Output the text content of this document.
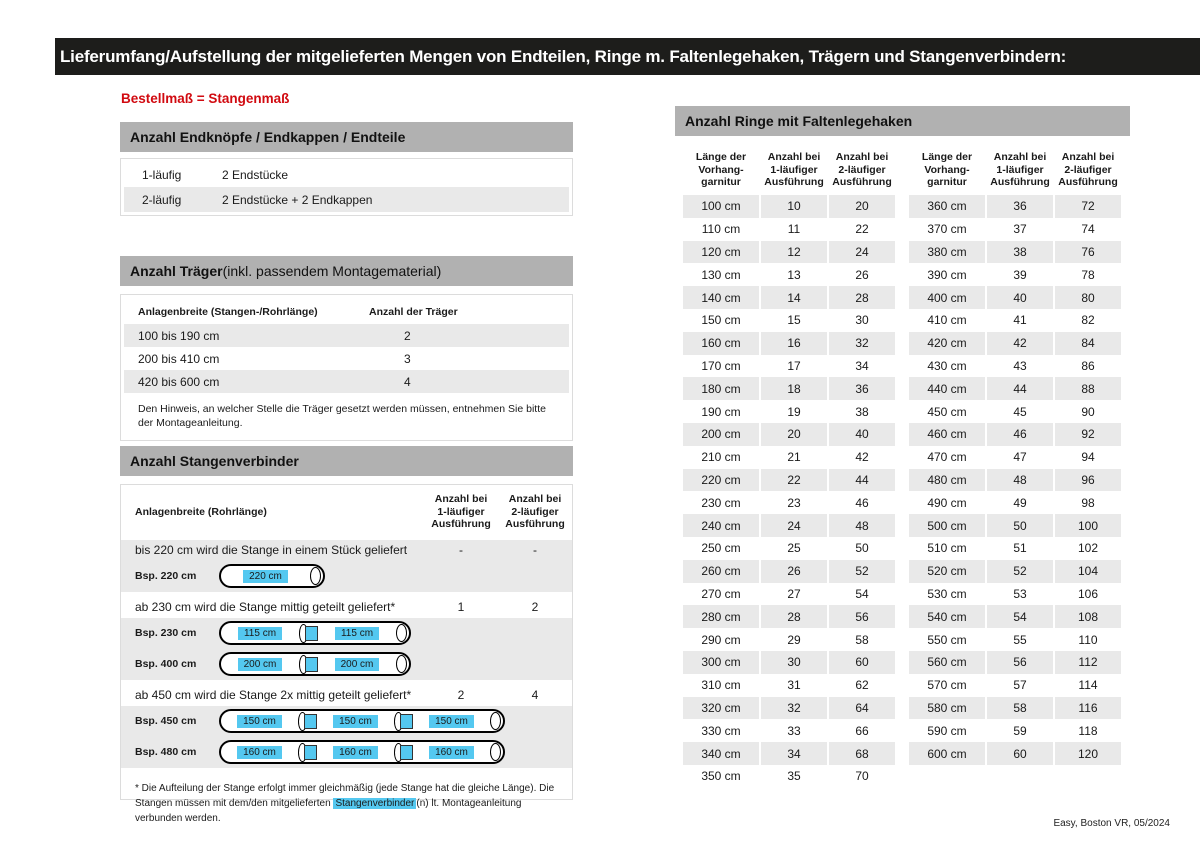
Lieferumfang/Aufstellung der mitgelieferten Mengen von Endteilen, Ringe m. Faltenlegehaken, Trägern und Stangenverbindern:
Bestellmaß = Stangenmaß
Anzahl Endknöpfe / Endkappen / Endteile
1-läufig	2 Endstücke
2-läufig	2 Endstücke + 2 Endkappen
Anzahl Träger (inkl. passendem Montagematerial)
Anlagenbreite (Stangen-/Rohrlänge)	Anzahl der Träger
100 bis 190 cm	2
200 bis 410 cm	3
420 bis 600 cm	4
Den Hinweis, an welcher Stelle die Träger gesetzt werden müssen, entnehmen Sie bitte der Montageanleitung.
Anzahl Stangenverbinder
Anlagenbreite (Rohrlänge)
Anzahl bei
1-läufiger
Ausführung
Anzahl bei
2-läufiger
Ausführung
bis 220 cm wird die Stange in einem Stück geliefert	-	-
Bsp. 220 cm	220 cm
ab 230 cm wird die Stange mittig geteilt geliefert*	1	2
Bsp. 230 cm	115 cm	115 cm
Bsp. 400 cm	200 cm	200 cm
ab 450 cm wird die Stange 2x mittig geteilt geliefert*	2	4
Bsp. 450 cm	150 cm	150 cm	150 cm
Bsp. 480 cm	160 cm	160 cm	160 cm
* Die Aufteilung der Stange erfolgt immer gleichmäßig (jede Stange hat die gleiche Länge). Die Stangen müssen mit dem/den mitgelieferten Stangenverbinder (n) lt. Montageanleitung verbunden werden.
Anzahl Ringe mit Faltenlegehaken
Länge der
Vorhang-
garnitur
Anzahl bei
1-läufiger
Ausführung
Anzahl bei
2-läufiger
Ausführung
100 cm	10	20
110 cm	11	22
120 cm	12	24
130 cm	13	26
140 cm	14	28
150 cm	15	30
160 cm	16	32
170 cm	17	34
180 cm	18	36
190 cm	19	38
200 cm	20	40
210 cm	21	42
220 cm	22	44
230 cm	23	46
240 cm	24	48
250 cm	25	50
260 cm	26	52
270 cm	27	54
280 cm	28	56
290 cm	29	58
300 cm	30	60
310 cm	31	62
320 cm	32	64
330 cm	33	66
340 cm	34	68
350 cm	35	70
Länge der
Vorhang-
garnitur
Anzahl bei
1-läufiger
Ausführung
Anzahl bei
2-läufiger
Ausführung
360 cm	36	72
370 cm	37	74
380 cm	38	76
390 cm	39	78
400 cm	40	80
410 cm	41	82
420 cm	42	84
430 cm	43	86
440 cm	44	88
450 cm	45	90
460 cm	46	92
470 cm	47	94
480 cm	48	96
490 cm	49	98
500 cm	50	100
510 cm	51	102
520 cm	52	104
530 cm	53	106
540 cm	54	108
550 cm	55	110
560 cm	56	112
570 cm	57	114
580 cm	58	116
590 cm	59	118
600 cm	60	120
Easy, Boston VR, 05/2024
